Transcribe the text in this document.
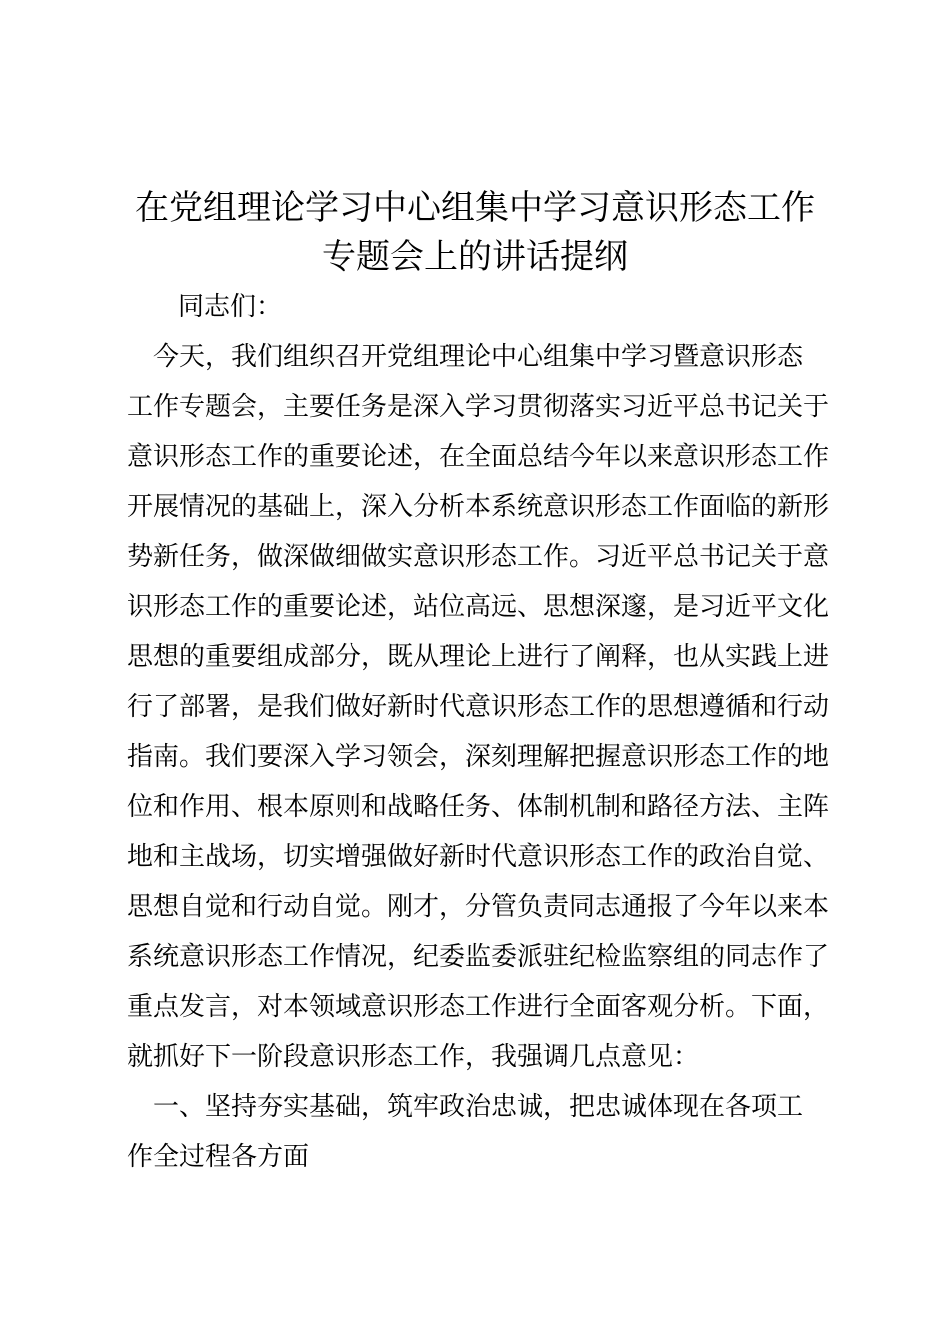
在党组理论学习中心组集中学习意识形态工作
专题会上的讲话提纲

同志们：

　今天，我们组织召开党组理论中心组集中学习暨意识形态
工作专题会，主要任务是深入学习贯彻落实习近平总书记关于
意识形态工作的重要论述，在全面总结今年以来意识形态工作
开展情况的基础上，深入分析本系统意识形态工作面临的新形
势新任务，做深做细做实意识形态工作。习近平总书记关于意
识形态工作的重要论述，站位高远、思想深邃，是习近平文化
思想的重要组成部分，既从理论上进行了阐释，也从实践上进
行了部署，是我们做好新时代意识形态工作的思想遵循和行动
指南。我们要深入学习领会，深刻理解把握意识形态工作的地
位和作用、根本原则和战略任务、体制机制和路径方法、主阵
地和主战场，切实增强做好新时代意识形态工作的政治自觉、
思想自觉和行动自觉。刚才，分管负责同志通报了今年以来本
系统意识形态工作情况，纪委监委派驻纪检监察组的同志作了
重点发言，对本领域意识形态工作进行全面客观分析。下面，
就抓好下一阶段意识形态工作，我强调几点意见：
　一、坚持夯实基础，筑牢政治忠诚，把忠诚体现在各项工
作全过程各方面
